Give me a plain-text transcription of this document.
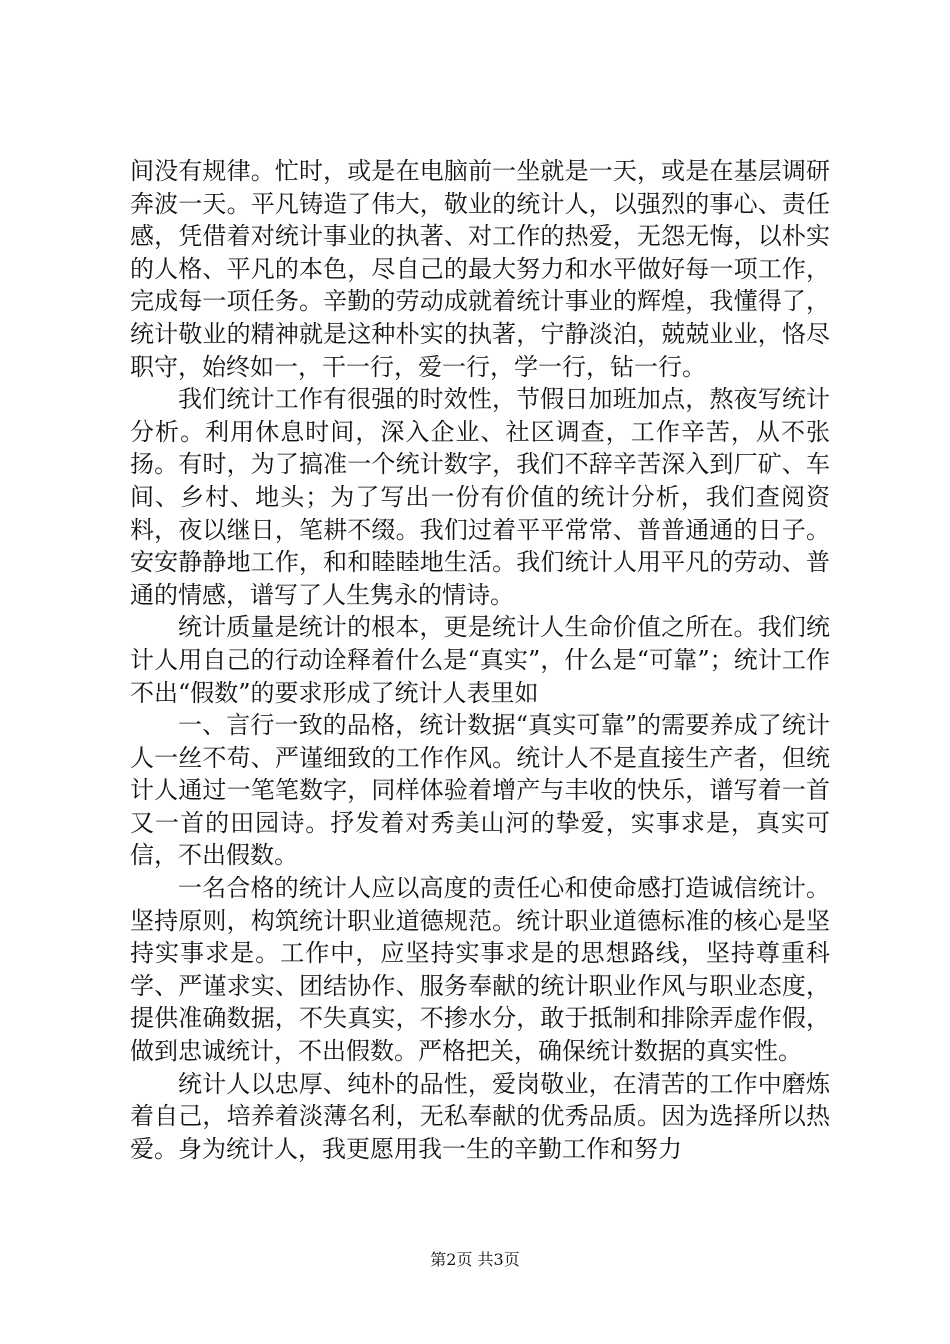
间没有规律。忙时，或是在电脑前一坐就是一天，或是在基层调研奔波一天。平凡铸造了伟大，敬业的统计人，以强烈的事心、责任感，凭借着对统计事业的执著、对工作的热爱，无怨无悔，以朴实的人格、平凡的本色，尽自己的最大努力和水平做好每一项工作，完成每一项任务。辛勤的劳动成就着统计事业的辉煌，我懂得了，统计敬业的精神就是这种朴实的执著，宁静淡泊，兢兢业业，恪尽职守，始终如一，干一行，爱一行，学一行，钻一行。

我们统计工作有很强的时效性，节假日加班加点，熬夜写统计分析。利用休息时间，深入企业、社区调查，工作辛苦，从不张扬。有时，为了搞准一个统计数字，我们不辞辛苦深入到厂矿、车间、乡村、地头；为了写出一份有价值的统计分析，我们查阅资料，夜以继日，笔耕不缀。我们过着平平常常、普普通通的日子。安安静静地工作，和和睦睦地生活。我们统计人用平凡的劳动、普通的情感，谱写了人生隽永的情诗。

统计质量是统计的根本，更是统计人生命价值之所在。我们统计人用自己的行动诠释着什么是“真实”，什么是“可靠”；统计工作不出“假数”的要求形成了统计人表里如

一、言行一致的品格，统计数据“真实可靠”的需要养成了统计人一丝不苟、严谨细致的工作作风。统计人不是直接生产者，但统计人通过一笔笔数字，同样体验着增产与丰收的快乐，谱写着一首又一首的田园诗。抒发着对秀美山河的挚爱，实事求是，真实可信，不出假数。

一名合格的统计人应以高度的责任心和使命感打造诚信统计。坚持原则，构筑统计职业道德规范。统计职业道德标准的核心是坚持实事求是。工作中，应坚持实事求是的思想路线，坚持尊重科学、严谨求实、团结协作、服务奉献的统计职业作风与职业态度，提供准确数据，不失真实，不掺水分，敢于抵制和排除弄虚作假，做到忠诚统计，不出假数。严格把关，确保统计数据的真实性。

统计人以忠厚、纯朴的品性，爱岗敬业，在清苦的工作中磨炼着自己，培养着淡薄名利，无私奉献的优秀品质。因为选择所以热爱。身为统计人，我更愿用我一生的辛勤工作和努力

第2页 共3页
